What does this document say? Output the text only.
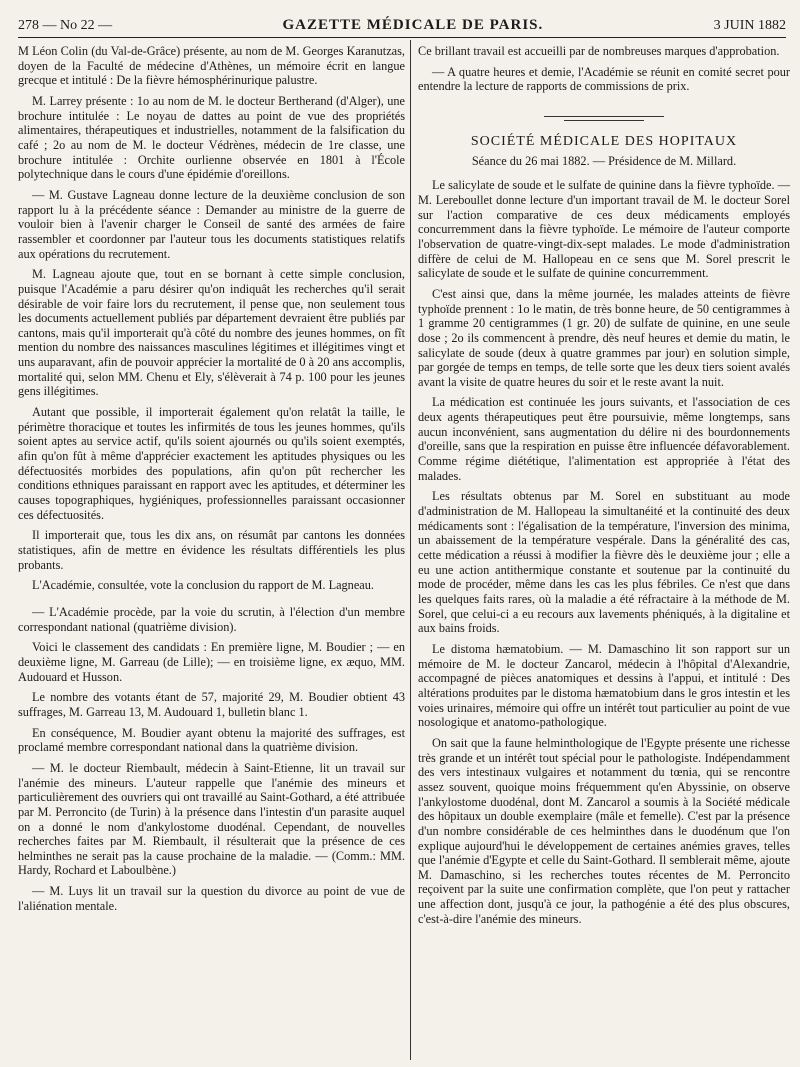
278 — No 22 —	GAZETTE MÉDICALE DE PARIS.	3 JUIN 1882

M Léon Colin (du Val-de-Grâce) présente, au nom de M. Georges Karanutzas, doyen de la Faculté de médecine d'Athènes, un mémoire écrit en langue grecque et intitulé : De la fièvre hémosphérinurique palustre.

M. Larrey présente : 1o au nom de M. le docteur Bertherand (d'Alger), une brochure intitulée : Le noyau de dattes au point de vue des propriétés alimentaires, thérapeutiques et industrielles, notamment de la falsification du café ; 2o au nom de M. le docteur Védrènes, médecin de 1re classe, une brochure intitulée : Orchite ourlienne observée en 1801 à l'École polytechnique dans le cours d'une épidémie d'oreillons.

— M. Gustave Lagneau donne lecture de la deuxième conclusion de son rapport lu à la précédente séance : Demander au ministre de la guerre de vouloir bien à l'avenir charger le Conseil de santé des armées de faire rassembler et coordonner par l'auteur tous les documents statistiques relatifs aux opérations du recrutement.

M. Lagneau ajoute que, tout en se bornant à cette simple conclusion, puisque l'Académie a paru désirer qu'on indiquât les recherches qu'il serait désirable de voir faire lors du recrutement, il pense que, non seulement tous les documents actuellement publiés par département devraient être publiés par cantons, mais qu'il importerait qu'à côté du nombre des jeunes hommes, on fît mention du nombre des naissances masculines légitimes et illégitimes vingt et uns auparavant, afin de pouvoir apprécier la mortalité de 0 à 20 ans accomplis, mortalité qui, selon MM. Chenu et Ely, s'élèverait à 74 p. 100 pour les jeunes gens illégitimes.

Autant que possible, il importerait également qu'on relatât la taille, le périmètre thoracique et toutes les infirmités de tous les jeunes hommes, qu'ils soient aptes au service actif, qu'ils soient ajournés ou qu'ils soient exemptés, afin qu'on fût à même d'apprécier exactement les aptitudes physiques ou les défectuosités morbides des populations, afin qu'on pût rechercher les conditions ethniques paraissant en rapport avec les aptitudes, et déterminer les causes topographiques, hygiéniques, professionnelles paraissant occasionner ces défectuosités.

Il importerait que, tous les dix ans, on résumât par cantons les données statistiques, afin de mettre en évidence les résultats différentiels les plus probants.

L'Académie, consultée, vote la conclusion du rapport de M. Lagneau.

— L'Académie procède, par la voie du scrutin, à l'élection d'un membre correspondant national (quatrième division).

Voici le classement des candidats : En première ligne, M. Boudier ; — en deuxième ligne, M. Garreau (de Lille); — en troisième ligne, ex æquo, MM. Audouard et Husson.

Le nombre des votants étant de 57, majorité 29, M. Boudier obtient 43 suffrages, M. Garreau 13, M. Audouard 1, bulletin blanc 1.

En conséquence, M. Boudier ayant obtenu la majorité des suffrages, est proclamé membre correspondant national dans la quatrième division.

— M. le docteur Riembault, médecin à Saint-Etienne, lit un travail sur l'anémie des mineurs. L'auteur rappelle que l'anémie des mineurs et particulièrement des ouvriers qui ont travaillé au Saint-Gothard, a été attribuée par M. Perroncito (de Turin) à la présence dans l'intestin d'un parasite auquel on a donné le nom d'ankylostome duodénal. Cependant, de nouvelles recherches faites par M. Riembault, il résulterait que la présence de ces helminthes ne serait pas la cause prochaine de la maladie. — (Comm.: MM. Hardy, Rochard et Laboulbène.)

— M. Luys lit un travail sur la question du divorce au point de vue de l'aliénation mentale.

Ce brillant travail est accueilli par de nombreuses marques d'approbation.

— A quatre heures et demie, l'Académie se réunit en comité secret pour entendre la lecture de rapports de commissions de prix.

SOCIÉTÉ MÉDICALE DES HOPITAUX
Séance du 26 mai 1882. — Présidence de M. Millard.

Le salicylate de soude et le sulfate de quinine dans la fièvre typhoïde. — M. Lereboullet donne lecture d'un important travail de M. le docteur Sorel sur l'action comparative de ces deux médicaments employés concurremment dans la fièvre typhoïde. Le mémoire de l'auteur comporte l'observation de quatre-vingt-dix-sept malades. Le mode d'administration diffère de celui de M. Hallopeau en ce sens que M. Sorel prescrit le salicylate de soude et le sulfate de quinine concurremment.

C'est ainsi que, dans la même journée, les malades atteints de fièvre typhoïde prennent : 1o le matin, de très bonne heure, de 50 centigrammes à 1 gramme 20 centigrammes (1 gr. 20) de sulfate de quinine, en une seule dose ; 2o ils commencent à prendre, dès neuf heures et demie du matin, le salicylate de soude (deux à quatre grammes par jour) en solution simple, par gorgée de temps en temps, de telle sorte que les deux tiers soient avalés avant la visite de quatre heures du soir et le reste avant la nuit.

La médication est continuée les jours suivants, et l'association de ces deux agents thérapeutiques peut être poursuivie, même longtemps, sans aucun inconvénient, sans augmentation du délire ni des bourdonnements d'oreille, sans que la respiration en puisse être influencée défavorablement. Comme régime diététique, l'alimentation est appropriée à l'état des malades.

Les résultats obtenus par M. Sorel en substituant au mode d'administration de M. Hallopeau la simultanéité et la continuité des deux médicaments sont : l'égalisation de la température, l'inversion des minima, un abaissement de la température vespérale. Dans la généralité des cas, cette médication a réussi à modifier la fièvre dès le deuxième jour ; elle a eu une action antithermique constante et soutenue par la continuité du mode de procéder, même dans les cas les plus fébriles. Ce n'est que dans les quelques faits rares, où la maladie a été réfractaire à la méthode de M. Sorel, que celui-ci a eu recours aux lavements phéniqués, à la digitaline et aux bains froids.

Le distoma hæmatobium. — M. Damaschino lit son rapport sur un mémoire de M. le docteur Zancarol, médecin à l'hôpital d'Alexandrie, accompagné de pièces anatomiques et dessins à l'appui, et intitulé : Des altérations produites par le distoma hæmatobium dans le gros intestin et les voies urinaires, mémoire qui offre un intérêt tout particulier au point de vue nosologique et anatomo-pathologique.

On sait que la faune helminthologique de l'Egypte présente une richesse très grande et un intérêt tout spécial pour le pathologiste. Indépendamment des vers intestinaux vulgaires et notamment du tœnia, qui se rencontre assez souvent, quoique moins fréquemment qu'en Abyssinie, on observe l'ankylostome duodénal, dont M. Zancarol a soumis à la Société médicale des hôpitaux un double exemplaire (mâle et femelle). C'est par la présence d'un nombre considérable de ces helminthes dans le duodénum que l'on explique aujourd'hui le développement de certaines anémies graves, telles que l'anémie d'Egypte et celle du Saint-Gothard. Il semblerait même, ajoute M. Damaschino, si les recherches toutes récentes de M. Perroncito reçoivent par la suite une confirmation complète, que l'on peut y rattacher une affection dont, jusqu'à ce jour, la pathogénie a été des plus obscures, c'est-à-dire l'anémie des mineurs.
